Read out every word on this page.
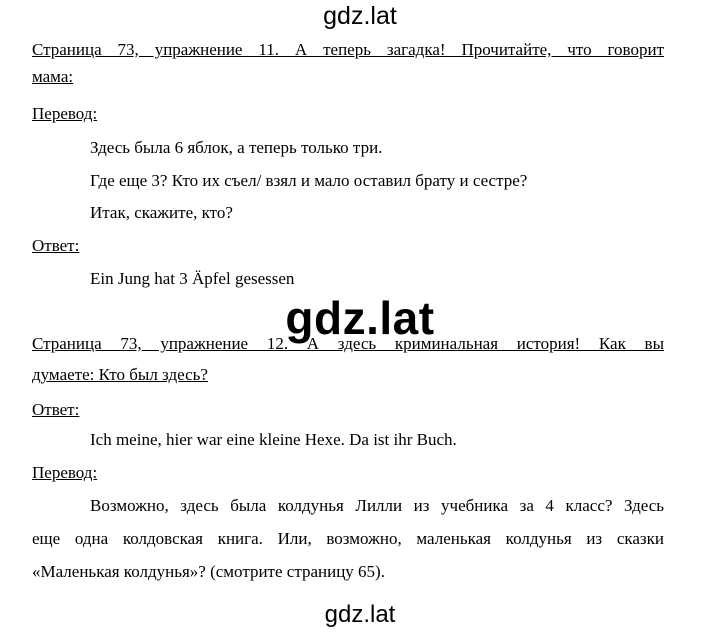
gdz.lat
Страница 73, упражнение 11. А теперь загадка! Прочитайте, что говорит
мама:
Перевод:
Здесь была 6 яблок, а теперь только три.
Где еще 3? Кто их съел/ взял и мало оставил брату и сестре?
Итак, скажите, кто?
Ответ:
Ein Jung hat 3 Äpfel gesessen
Страница 73, упражнение 12. А здесь криминальная история! Как вы
думаете: Кто был здесь?
Ответ:
Ich meine, hier war eine kleine Hexe. Da ist ihr Buch.
Перевод:
Возможно, здесь была колдунья Лилли из учебника за 4 класс? Здесь
еще одна колдовская книга. Или, возможно, маленькая колдунья из сказки
«Маленькая колдунья»? (смотрите страницу 65).
gdz.lat
gdz.lat
